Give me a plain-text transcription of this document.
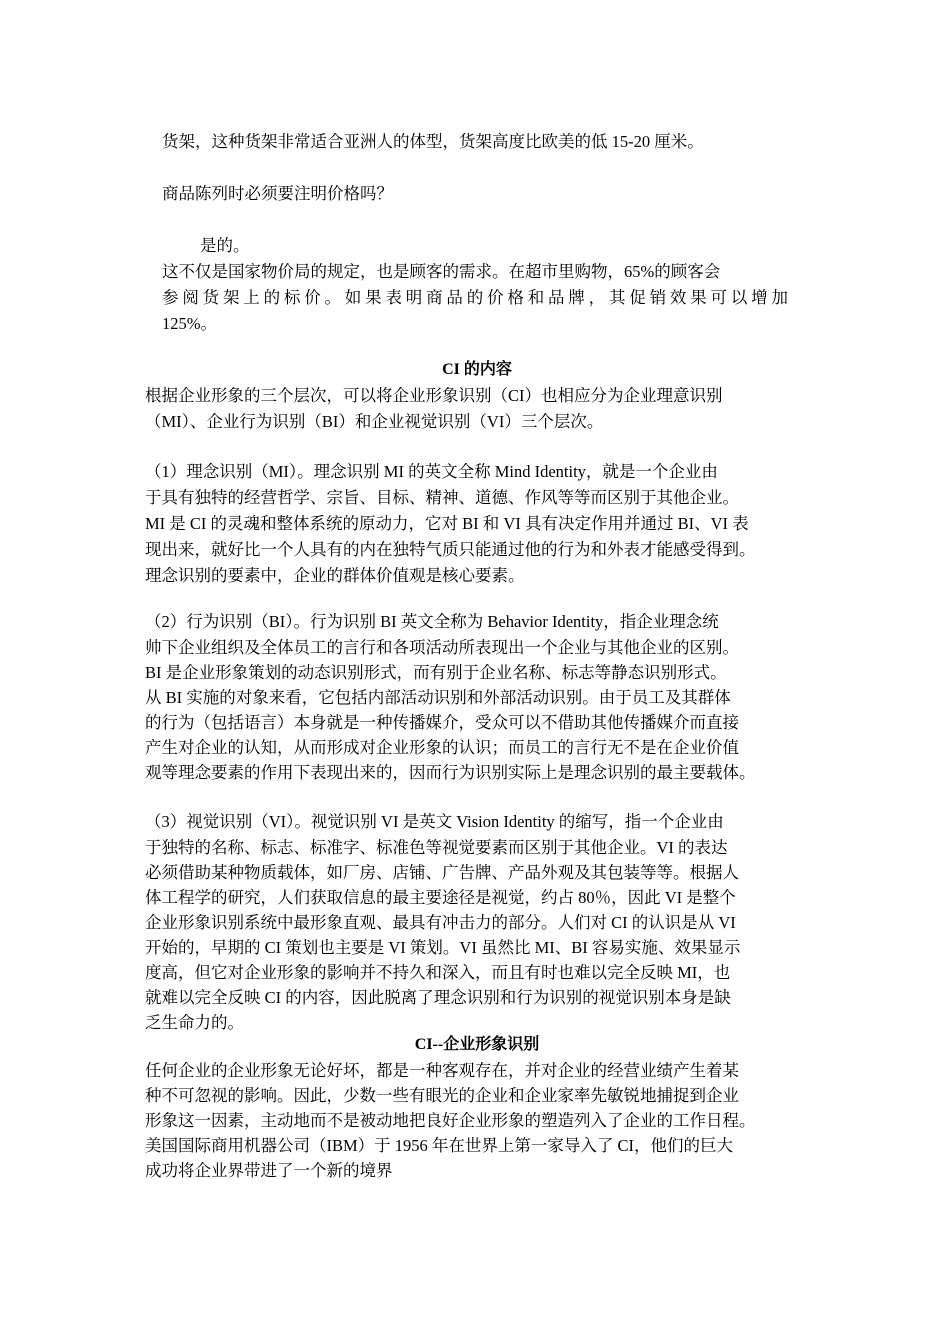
货架，这种货架非常适合亚洲人的体型，货架高度比欧美的低 15-20 厘米。
商品陈列时必须要注明价格吗？
是的。
这不仅是国家物价局的规定，也是顾客的需求。在超市里购物，65%的顾客会
参阅货架上的标价。如果表明商品的价格和品牌，其促销效果可以增加
125%。
CI 的内容
根据企业形象的三个层次，可以将企业形象识别（CI）也相应分为企业理意识别
（MI）、企业行为识别（BI）和企业视觉识别（VI）三个层次。
（1）理念识别（MI）。理念识别 MI 的英文全称 Mind Identity，就是一个企业由
于具有独特的经营哲学、宗旨、目标、精神、道德、作风等等而区别于其他企业。
MI 是 CI 的灵魂和整体系统的原动力，它对 BI 和 VI 具有决定作用并通过 BI、VI 表
现出来，就好比一个人具有的内在独特气质只能通过他的行为和外表才能感受得到。
理念识别的要素中，企业的群体价值观是核心要素。
（2）行为识别（BI）。行为识别 BI 英文全称为 Behavior Identity，指企业理念统
帅下企业组织及全体员工的言行和各项活动所表现出一个企业与其他企业的区别。
BI 是企业形象策划的动态识别形式，而有别于企业名称、标志等静态识别形式。
从 BI 实施的对象来看，它包括内部活动识别和外部活动识别。由于员工及其群体
的行为（包括语言）本身就是一种传播媒介，受众可以不借助其他传播媒介而直接
产生对企业的认知，从而形成对企业形象的认识；而员工的言行无不是在企业价值
观等理念要素的作用下表现出来的，因而行为识别实际上是理念识别的最主要载体。
（3）视觉识别（VI）。视觉识别 VI 是英文 Vision Identity 的缩写，指一个企业由
于独特的名称、标志、标准字、标准色等视觉要素而区别于其他企业。VI 的表达
必须借助某种物质载体，如厂房、店铺、广告牌、产品外观及其包装等等。根据人
体工程学的研究，人们获取信息的最主要途径是视觉，约占 80％，因此 VI 是整个
企业形象识别系统中最形象直观、最具有冲击力的部分。人们对 CI 的认识是从 VI
开始的，早期的 CI 策划也主要是 VI 策划。VI 虽然比 MI、BI 容易实施、效果显示
度高，但它对企业形象的影响并不持久和深入，而且有时也难以完全反映 MI，也
就难以完全反映 CI 的内容，因此脱离了理念识别和行为识别的视觉识别本身是缺
乏生命力的。
CI--企业形象识别
任何企业的企业形象无论好坏，都是一种客观存在，并对企业的经营业绩产生着某
种不可忽视的影响。因此，少数一些有眼光的企业和企业家率先敏锐地捕捉到企业
形象这一因素，主动地而不是被动地把良好企业形象的塑造列入了企业的工作日程。
美国国际商用机器公司（IBM）于 1956 年在世界上第一家导入了 CI，他们的巨大
成功将企业界带进了一个新的境界
